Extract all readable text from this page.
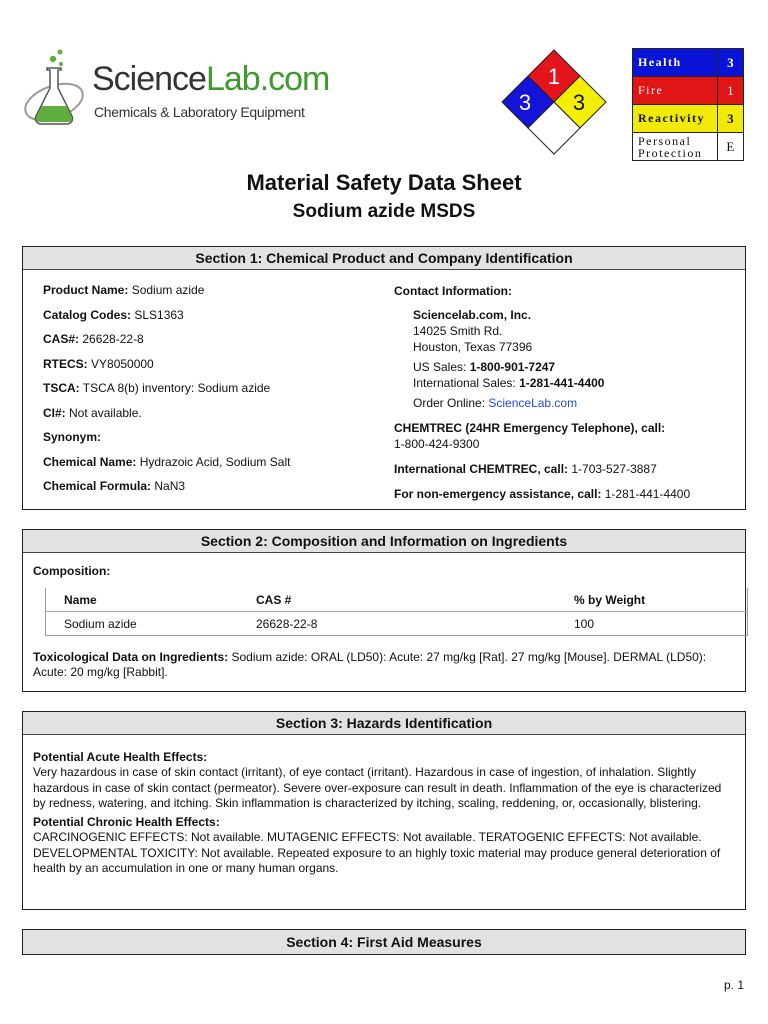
ScienceLab.com
Chemicals & Laboratory Equipment
1
3 3
Health	3
Fire	1
Reactivity	3
Personal Protection	E
Material Safety Data Sheet
Sodium azide MSDS
Section 1: Chemical Product and Company Identification
Product Name: Sodium azide
Catalog Codes: SLS1363
CAS#: 26628-22-8
RTECS: VY8050000
TSCA: TSCA 8(b) inventory: Sodium azide
CI#: Not available.
Synonym:
Chemical Name: Hydrazoic Acid, Sodium Salt
Chemical Formula: NaN3
Contact Information:
Sciencelab.com, Inc.
14025 Smith Rd.
Houston, Texas 77396
US Sales: 1-800-901-7247
International Sales: 1-281-441-4400
Order Online: ScienceLab.com
CHEMTREC (24HR Emergency Telephone), call:
1-800-424-9300
International CHEMTREC, call: 1-703-527-3887
For non-emergency assistance, call: 1-281-441-4400
Section 2: Composition and Information on Ingredients
Composition:
Name	CAS #	% by Weight
Sodium azide	26628-22-8	100
Toxicological Data on Ingredients: Sodium azide: ORAL (LD50): Acute: 27 mg/kg [Rat]. 27 mg/kg [Mouse]. DERMAL (LD50): Acute: 20 mg/kg [Rabbit].
Section 3: Hazards Identification
Potential Acute Health Effects:
Very hazardous in case of skin contact (irritant), of eye contact (irritant). Hazardous in case of ingestion, of inhalation. Slightly hazardous in case of skin contact (permeator). Severe over-exposure can result in death. Inflammation of the eye is characterized by redness, watering, and itching. Skin inflammation is characterized by itching, scaling, reddening, or, occasionally, blistering.
Potential Chronic Health Effects:
CARCINOGENIC EFFECTS: Not available. MUTAGENIC EFFECTS: Not available. TERATOGENIC EFFECTS: Not available. DEVELOPMENTAL TOXICITY: Not available. Repeated exposure to an highly toxic material may produce general deterioration of health by an accumulation in one or many human organs.
Section 4: First Aid Measures
p. 1
